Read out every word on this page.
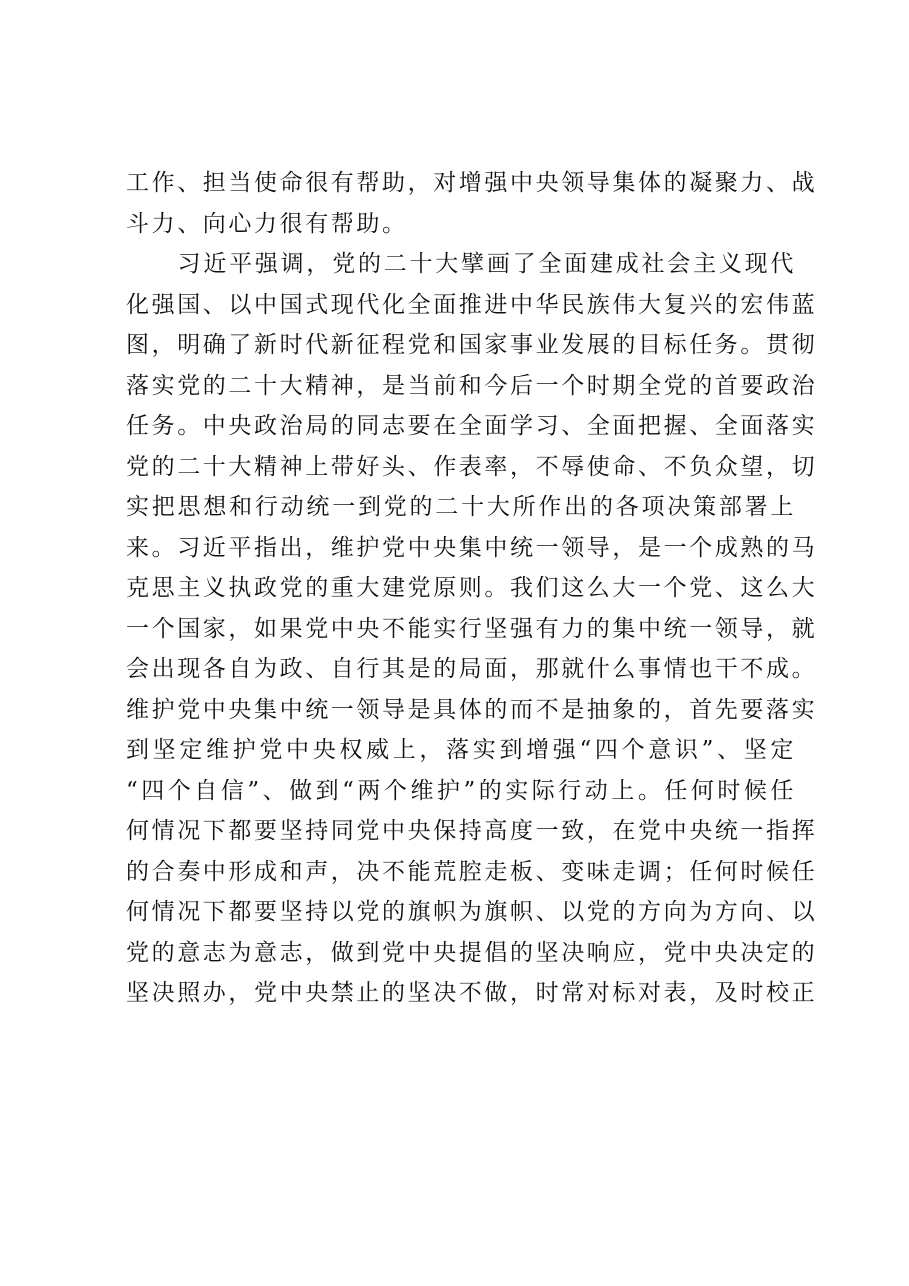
工作、担当使命很有帮助，对增强中央领导集体的凝聚力、战
斗力、向心力很有帮助。
　　习近平强调，党的二十大擘画了全面建成社会主义现代
化强国、以中国式现代化全面推进中华民族伟大复兴的宏伟蓝
图，明确了新时代新征程党和国家事业发展的目标任务。贯彻
落实党的二十大精神，是当前和今后一个时期全党的首要政治
任务。中央政治局的同志要在全面学习、全面把握、全面落实
党的二十大精神上带好头、作表率，不辱使命、不负众望，切
实把思想和行动统一到党的二十大所作出的各项决策部署上
来。习近平指出，维护党中央集中统一领导，是一个成熟的马
克思主义执政党的重大建党原则。我们这么大一个党、这么大
一个国家，如果党中央不能实行坚强有力的集中统一领导，就
会出现各自为政、自行其是的局面，那就什么事情也干不成。
维护党中央集中统一领导是具体的而不是抽象的，首先要落实
到坚定维护党中央权威上，落实到增强“四个意识”、坚定
“四个自信”、做到“两个维护”的实际行动上。任何时候任
何情况下都要坚持同党中央保持高度一致，在党中央统一指挥
的合奏中形成和声，决不能荒腔走板、变味走调；任何时候任
何情况下都要坚持以党的旗帜为旗帜、以党的方向为方向、以
党的意志为意志，做到党中央提倡的坚决响应，党中央决定的
坚决照办，党中央禁止的坚决不做，时常对标对表，及时校正
